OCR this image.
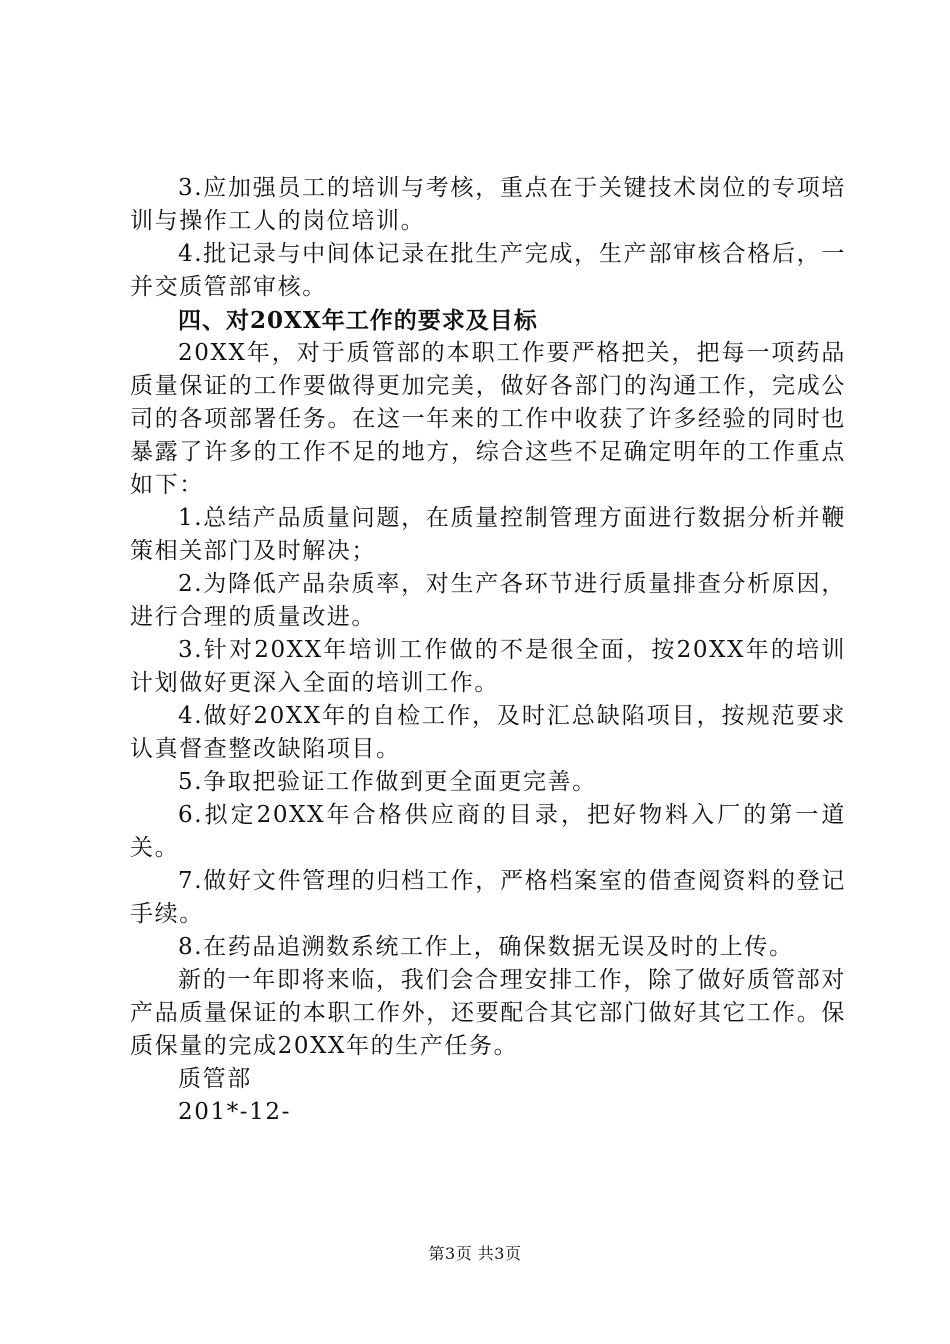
3.应加强员工的培训与考核，重点在于关键技术岗位的专项培训与操作工人的岗位培训。

4.批记录与中间体记录在批生产完成，生产部审核合格后，一并交质管部审核。

四、对20XX年工作的要求及目标

20XX年，对于质管部的本职工作要严格把关，把每一项药品质量保证的工作要做得更加完美，做好各部门的沟通工作，完成公司的各项部署任务。在这一年来的工作中收获了许多经验的同时也暴露了许多的工作不足的地方，综合这些不足确定明年的工作重点如下：

1.总结产品质量问题，在质量控制管理方面进行数据分析并鞭策相关部门及时解决；

2.为降低产品杂质率，对生产各环节进行质量排查分析原因，进行合理的质量改进。

3.针对20XX年培训工作做的不是很全面，按20XX年的培训计划做好更深入全面的培训工作。

4.做好20XX年的自检工作，及时汇总缺陷项目，按规范要求认真督查整改缺陷项目。

5.争取把验证工作做到更全面更完善。

6.拟定20XX年合格供应商的目录，把好物料入厂的第一道关。

7.做好文件管理的归档工作，严格档案室的借查阅资料的登记手续。

8.在药品追溯数系统工作上，确保数据无误及时的上传。

新的一年即将来临，我们会合理安排工作，除了做好质管部对产品质量保证的本职工作外，还要配合其它部门做好其它工作。保质保量的完成20XX年的生产任务。

质管部

201*-12-

第3页 共3页
